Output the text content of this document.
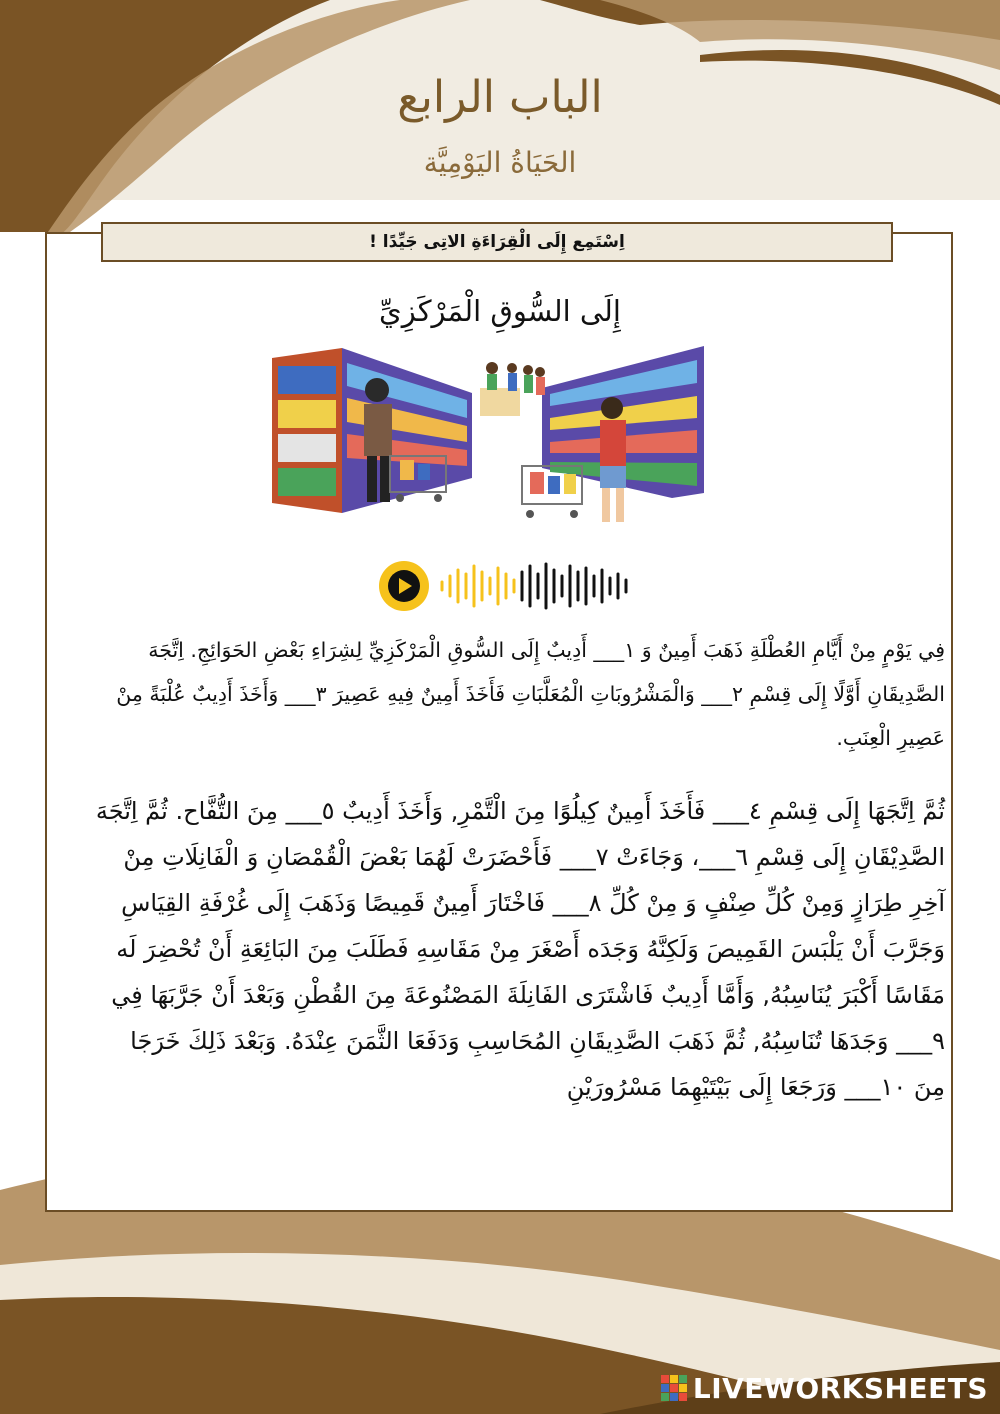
الباب الرابع
الحَيَاةُ اليَوْمِيَّة
اِسْتَمِع إِلَى الْقِرَاءَةِ الاتِى جَيِّدًا !
إِلَى السُّوقِ الْمَرْكَزِيِّ
فِي يَوْمٍ مِنْ أَيَّامِ العُطْلَةِ ذَهَبَ أَمِينٌ وَ ١___ أَدِيبٌ إِلَى السُّوقِ الْمَرْكَزِيِّ لِشِرَاءِ بَعْضِ الحَوَائِجِ. اِتَّجَهَ الصَّدِيقَانِ أَوَّلًا إِلَى قِسْمِ ٢___ وَالْمَشْرُوبَاتِ الْمُعَلَّبَاتِ فَأَخَذَ أَمِينٌ فِيهِ عَصِيرَ ٣___ وَأَخَذَ أَدِيبٌ عُلْبَةً مِنْ عَصِيرِ الْعِنَبِ.
ثُمَّ اِتَّجَهَا إِلَى قِسْمِ ٤___ فَأَخَذَ أَمِينٌ كِيلُوًا مِنَ الْتَّمْرِ, وَأَخَذَ أَدِيبٌ ٥___ مِنَ التُّفَّاح. ثُمَّ اِتَّجَهَ الصَّدِيْقَانِ إِلَى قِسْمِ ٦___، وَجَاءَتْ ٧___ فَأَحْضَرَتْ لَهُمَا بَعْضَ الْقُمْصَانِ وَ الْفَانِلَاتِ مِنْ آخِرِ طِرَازٍ وَمِنْ كُلِّ صِنْفٍ وَ مِنْ كُلِّ ٨___ فَاخْتَارَ أَمِينٌ قَمِيصًا وَذَهَبَ إِلَى غُرْفَةِ القِيَاسِ وَجَرَّبَ أَنْ يَلْبَسَ القَمِيصَ وَلَكِنَّهُ وَجَدَه أَصْغَرَ مِنْ مَقَاسِهِ فَطَلَبَ مِنَ البَائِعَةِ أَنْ تُحْضِرَ لَه مَقَاسًا أَكْبَرَ يُنَاسِبُهُ, وَأَمَّا أَدِيبٌ فَاشْتَرَى الفَانِلَةَ المَصْنُوعَةَ مِنَ القُطْنِ وَبَعْدَ أَنْ جَرَّبَهَا فِي ٩___ وَجَدَهَا تُنَاسِبُهُ, ثُمَّ ذَهَبَ الصَّدِيقَانِ المُحَاسِبِ وَدَفَعَا الثَّمَنَ عِنْدَهُ. وَبَعْدَ ذَلِكَ خَرَجَا مِنَ ١٠___ وَرَجَعَا إِلَى بَيْتَيْهِمَا مَسْرُورَيْنِ
LIVEWORKSHEETS
